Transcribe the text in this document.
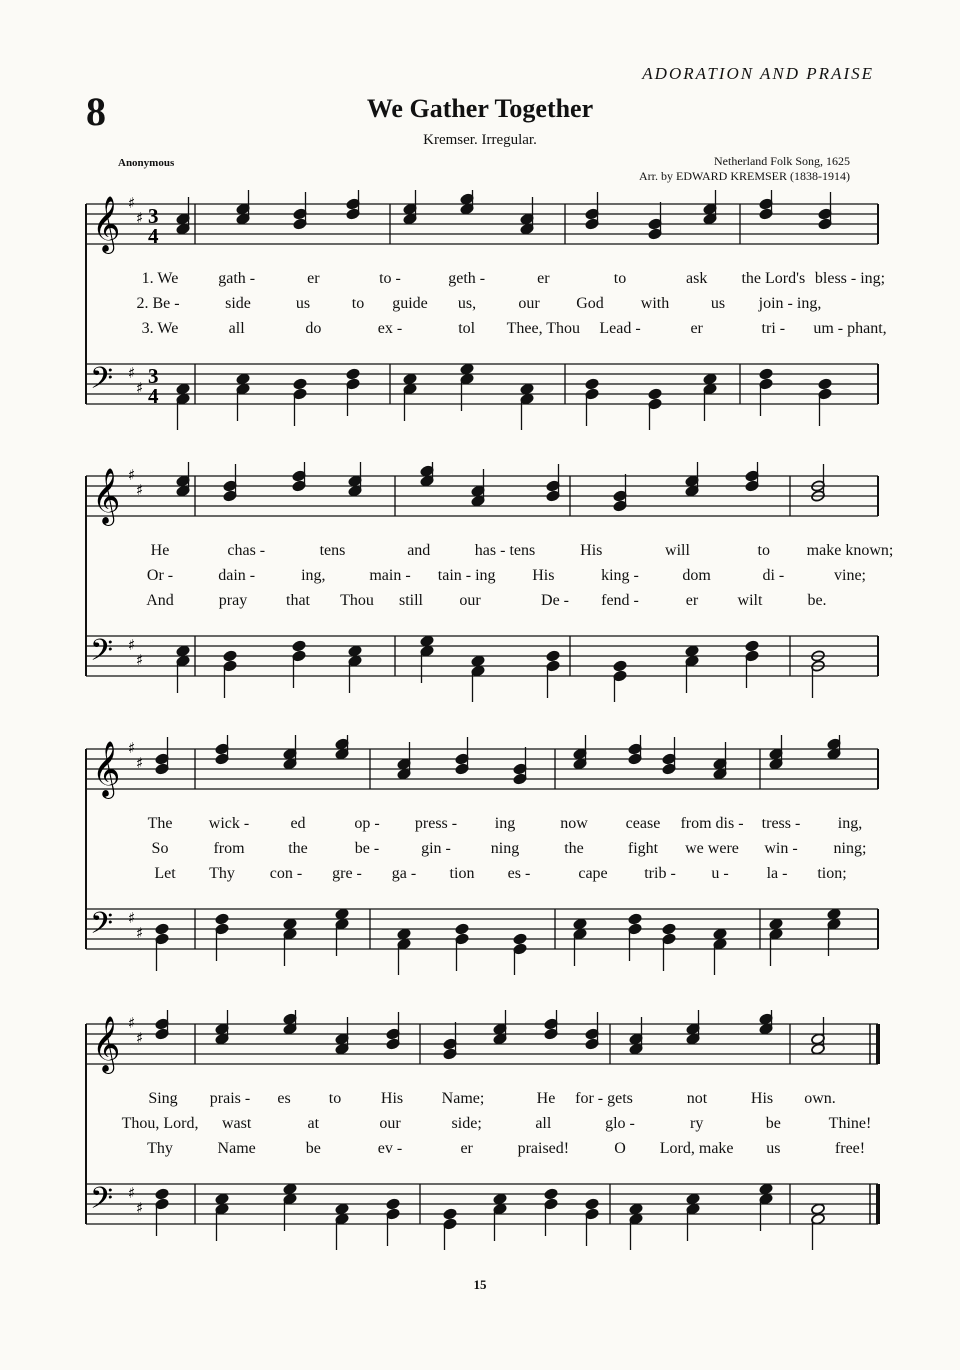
ADORATION AND PRAISE
8	We Gather Together
Kremser. Irregular.
Anonymous	Netherland Folk Song, 1625
Arr. by EDWARD KREMSER (1838-1914)
𝄞
𝄢
♯
♯
♯
♯
3
4
3
4
1. We gath -	er	to -	geth -	er	to	ask the Lord's bless - ing;
2. Be -	side	us	to guide us,	our God with	us join - ing,
3. We	all	do	ex -	tol Thee, Thou Lead -	er	tri - um - phant,
𝄞
𝄢
♯
♯
♯
♯
He	chas -	tens	and	has - tens	His	will	to make known;
Or -	dain -	ing,	main - tain - ing His	king -	dom	di -	vine;
And	pray that Thou still our	De - fend -	er wilt	be.
𝄞
𝄢
♯
♯
♯
♯
The wick -	ed	op - press - ing	now cease from dis - tress - ing,
So	from	the	be -	gin - ning	the	fight we were win - ning;
Let Thy con - gre - ga - tion es -	cape trib - u - la - tion;
𝄞
𝄢
♯
♯
♯
♯
Sing prais - es to His Name;	He for - gets	not	His own.
Thou, Lord, wast	at	our	side;	all	glo -	ry	be	Thine!
Thy	Name	be	ev -	er	praised!	O Lord, make us	free!
15
